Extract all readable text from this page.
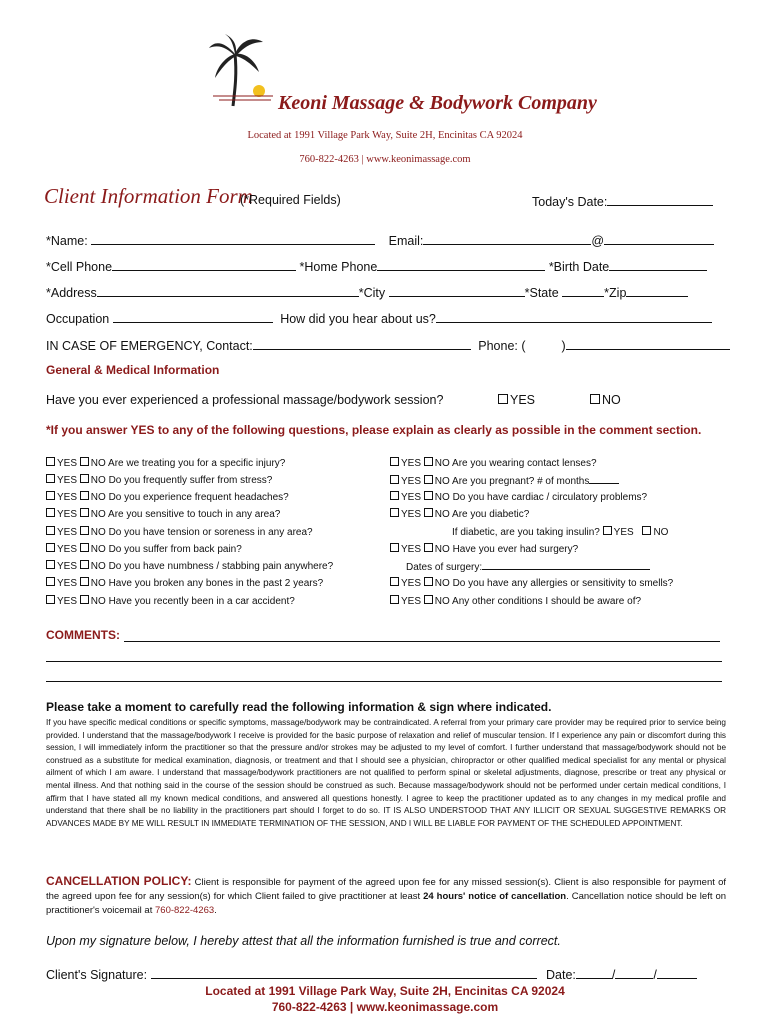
Keoni Massage & Bodywork Company
Located at 1991 Village Park Way, Suite 2H, Encinitas CA 92024
760-822-4263 | www.keonimassage.com
Client Information Form
(*Required Fields)	Today's Date:
*Name:	Email:	@
*Cell Phone	*Home Phone	*Birth Date
*Address	*City	*State	*Zip
Occupation	How did you hear about us?
IN CASE OF EMERGENCY, Contact:	Phone: (	)
General & Medical Information
Have you ever experienced a professional massage/bodywork session?	YES	NO
*If you answer YES to any of the following questions, please explain as clearly as possible in the comment section.
YES NO Are we treating you for a specific injury?
YES NO Do you frequently suffer from stress?
YES NO Do you experience frequent headaches?
YES NO Are you sensitive to touch in any area?
YES NO Do you have tension or soreness in any area?
YES NO Do you suffer from back pain?
YES NO Do you have numbness / stabbing pain anywhere?
YES NO Have you broken any bones in the past 2 years?
YES NO Have you recently been in a car accident?
YES NO Are you wearing contact lenses?
YES NO Are you pregnant? # of months
YES NO Do you have cardiac / circulatory problems?
YES NO Are you diabetic?
If diabetic, are you taking insulin? YES NO
YES NO Have you ever had surgery?
Dates of surgery:
YES NO Do you have any allergies or sensitivity to smells?
YES NO Any other conditions I should be aware of?
COMMENTS:
Please take a moment to carefully read the following information & sign where indicated.

If you have specific medical conditions or specific symptoms, massage/bodywork may be contraindicated. A referral from your primary care provider may be required prior to service being provided. I understand that the massage/bodywork I receive is provided for the basic purpose of relaxation and relief of muscular tension. If I experience any pain or discomfort during this session, I will immediately inform the practitioner so that the pressure and/or strokes may be adjusted to my level of comfort. I further understand that massage/bodywork should not be construed as a substitute for medical examination, diagnosis, or treatment and that I should see a physician, chiropractor or other qualified medical specialist for any mental or physical ailment of which I am aware. I understand that massage/bodywork practitioners are not qualified to perform spinal or skeletal adjustments, diagnose, prescribe or treat any physical or mental illness. And that nothing said in the course of the session should be construed as such. Because massage/bodywork should not be performed under certain medical conditions, I affirm that I have stated all my known medical conditions, and answered all questions honestly. I agree to keep the practitioner updated as to any changes in my medical profile and understand that there shall be no liability in the practitioners part should I forget to do so. IT IS ALSO UNDERSTOOD THAT ANY ILLICIT OR SEXUAL SUGGESTIVE REMARKS OR ADVANCES MADE BY ME WILL RESULT IN IMMEDIATE TERMINATION OF THE SESSION, AND I WILL BE LIABLE FOR PAYMENT OF THE SCHEDULED APPOINTMENT.

CANCELLATION POLICY: Client is responsible for payment of the agreed upon fee for any missed session(s). Client is also responsible for payment of the agreed upon fee for any session(s) for which Client failed to give practitioner at least 24 hours' notice of cancellation. Cancellation notice should be left on practitioner's voicemail at 760-822-4263.

Upon my signature below, I hereby attest that all the information furnished is true and correct.
Client's Signature:	Date:	/	/
Located at 1991 Village Park Way, Suite 2H, Encinitas CA 92024
760-822-4263 | www.keonimassage.com
